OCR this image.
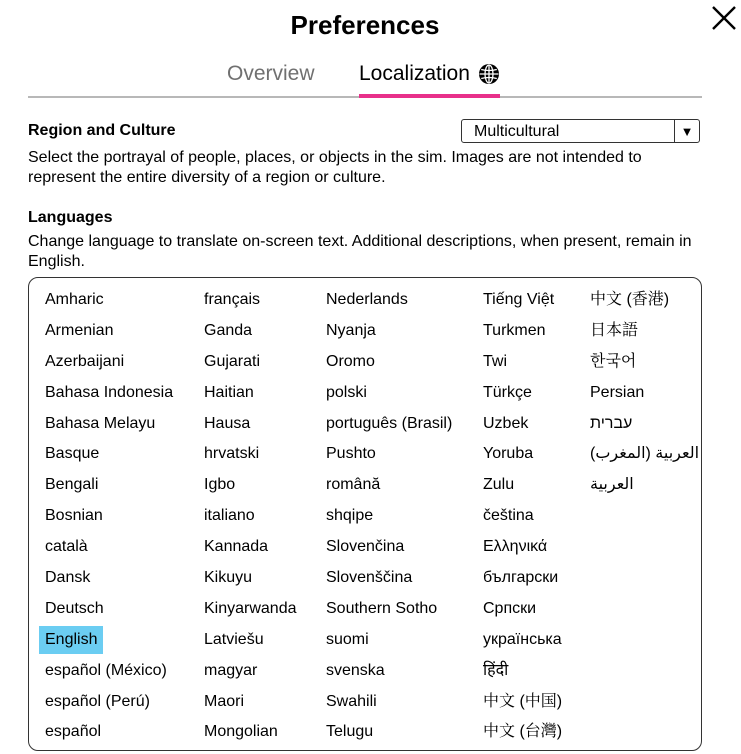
Preferences
Overview Localization
Region and Culture	Multicultural	▼
Select the portrayal of people, places, or objects in the sim. Images are not intended to represent the entire diversity of a region or culture.
Languages
Change language to translate on-screen text. Additional descriptions, when present, remain in English.
Amharic
Armenian
Azerbaijani
Bahasa Indonesia
Bahasa Melayu
Basque
Bengali
Bosnian
català
Dansk
Deutsch
English
español (México)
español (Perú)
español
français
Ganda
Gujarati
Haitian
Hausa
hrvatski
Igbo
italiano
Kannada
Kikuyu
Kinyarwanda
Latviešu
magyar
Maori
Mongolian
Nederlands
Nyanja
Oromo
polski
português (Brasil)
Pushto
română
shqipe
Slovenčina
Slovenščina
Southern Sotho
suomi
svenska
Swahili
Telugu
Tiếng Việt
Turkmen
Twi
Türkçe
Uzbek
Yoruba
Zulu
čeština
Ελληνικά
български
Српски
українська
हिंदी
中文 (中国)
中文 (台灣)
中文 (香港)
日本語
한국어
Persian
עברית
العربية (المغرب)
العربية
